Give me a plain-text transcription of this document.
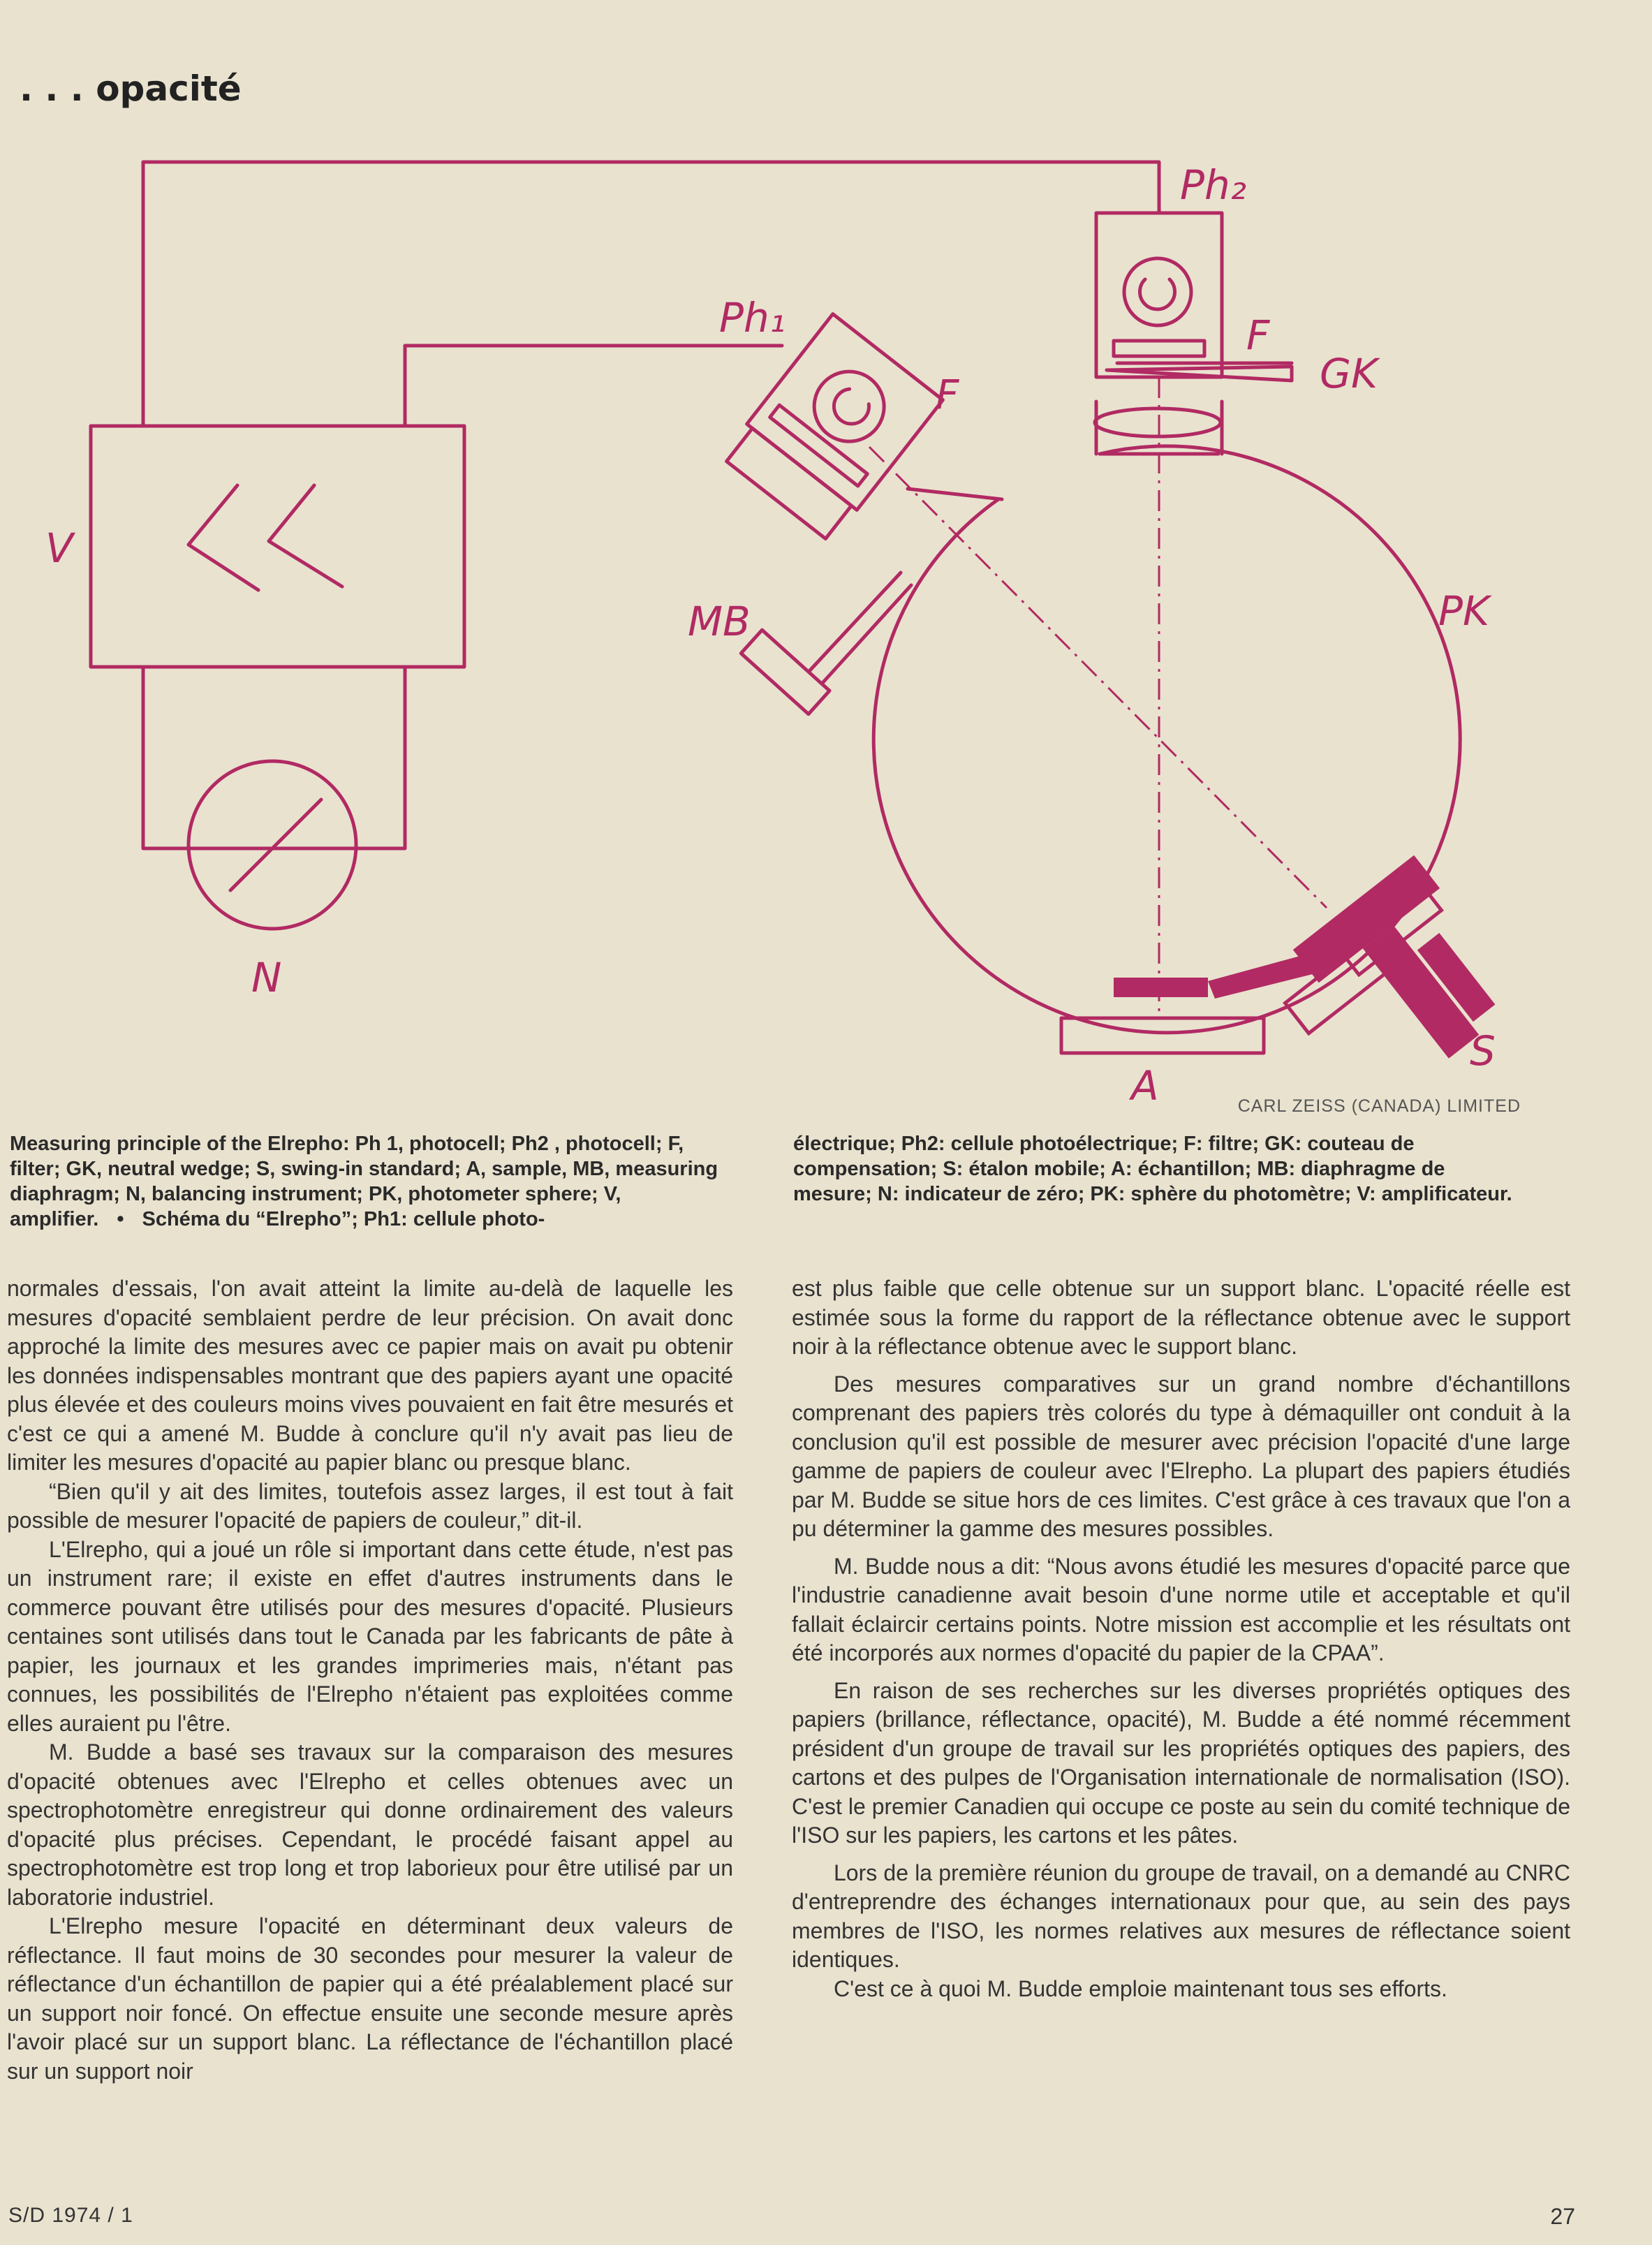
. . . opacité
Ph₂
Ph₁	F
GK
F
V
MB	PK
N
A
S
CARL ZEISS (CANADA) LIMITED
Measuring principle of the Elrepho: Ph 1, photocell; Ph2 , photocell; F, filter; GK, neutral wedge; S, swing-in standard; A, sample, MB, measuring diaphragm; N, balancing instrument; PK, photometer sphere; V, amplifier. • Schéma du “Elrepho”; Ph1: cellule photo-
électrique; Ph2: cellule photoélectrique; F: filtre; GK: couteau de compensation; S: étalon mobile; A: échantillon; MB: diaphragme de mesure; N: indicateur de zéro; PK: sphère du photomètre; V: amplificateur.

normales d'essais, l'on avait atteint la limite au-delà de laquelle les mesures d'opacité semblaient perdre de leur précision. On avait donc approché la limite des mesures avec ce papier mais on avait pu obtenir les données indispensables montrant que des papiers ayant une opacité plus élevée et des couleurs moins vives pouvaient en fait être mesurés et c'est ce qui a amené M. Budde à conclure qu'il n'y avait pas lieu de limiter les mesures d'opacité au papier blanc ou presque blanc.

“Bien qu'il y ait des limites, toutefois assez larges, il est tout à fait possible de mesurer l'opacité de papiers de couleur,” dit-il.

L'Elrepho, qui a joué un rôle si important dans cette étude, n'est pas un instrument rare; il existe en effet d'autres instruments dans le commerce pouvant être utilisés pour des mesures d'opacité. Plusieurs centaines sont utilisés dans tout le Canada par les fabricants de pâte à papier, les journaux et les grandes imprimeries mais, n'étant pas connues, les possibilités de l'Elrepho n'étaient pas exploitées comme elles auraient pu l'être.

M. Budde a basé ses travaux sur la comparaison des mesures d'opacité obtenues avec l'Elrepho et celles obtenues avec un spectrophotomètre enregistreur qui donne ordinairement des valeurs d'opacité plus précises. Cependant, le procédé faisant appel au spectrophotomètre est trop long et trop laborieux pour être utilisé par un laboratorie industriel.

L'Elrepho mesure l'opacité en déterminant deux valeurs de réflectance. Il faut moins de 30 secondes pour mesurer la valeur de réflectance d'un échantillon de papier qui a été préalablement placé sur un support noir foncé. On effectue ensuite une seconde mesure après l'avoir placé sur un support blanc. La réflectance de l'échantillon placé sur un support noir

est plus faible que celle obtenue sur un support blanc. L'opacité réelle est estimée sous la forme du rapport de la réflectance obtenue avec le support noir à la réflectance obtenue avec le support blanc.

Des mesures comparatives sur un grand nombre d'échantillons comprenant des papiers très colorés du type à démaquiller ont conduit à la conclusion qu'il est possible de mesurer avec précision l'opacité d'une large gamme de papiers de couleur avec l'Elrepho. La plupart des papiers étudiés par M. Budde se situe hors de ces limites. C'est grâce à ces travaux que l'on a pu déterminer la gamme des mesures possibles.

M. Budde nous a dit: “Nous avons étudié les mesures d'opacité parce que l'industrie canadienne avait besoin d'une norme utile et acceptable et qu'il fallait éclaircir certains points. Notre mission est accomplie et les résultats ont été incorporés aux normes d'opacité du papier de la CPAA”.

En raison de ses recherches sur les diverses propriétés optiques des papiers (brillance, réflectance, opacité), M. Budde a été nommé récemment président d'un groupe de travail sur les propriétés optiques des papiers, des cartons et des pulpes de l'Organisation internationale de normalisation (ISO). C'est le premier Canadien qui occupe ce poste au sein du comité technique de l'ISO sur les papiers, les cartons et les pâtes.

Lors de la première réunion du groupe de travail, on a demandé au CNRC d'entreprendre des échanges internationaux pour que, au sein des pays membres de l'ISO, les normes relatives aux mesures de réflectance soient identiques.

C'est ce à quoi M. Budde emploie maintenant tous ses efforts.

S/D 1974 / 1	27
